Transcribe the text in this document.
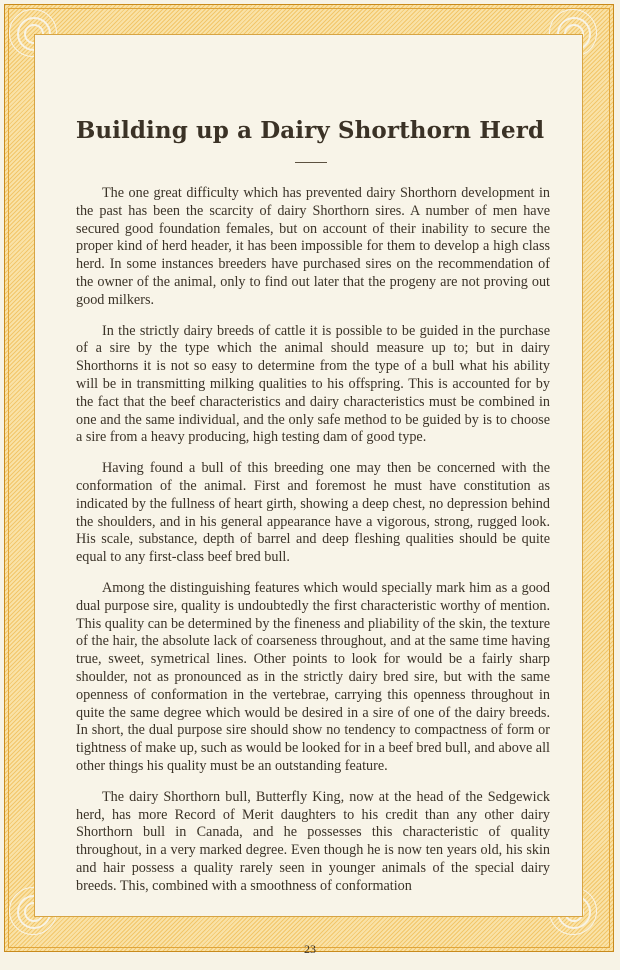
Building up a Dairy Shorthorn Herd

The one great difficulty which has prevented dairy Shorthorn development in the past has been the scarcity of dairy Shorthorn sires. A number of men have secured good foundation females, but on account of their inability to secure the proper kind of herd header, it has been impossible for them to develop a high class herd. In some instances breeders have purchased sires on the recommendation of the owner of the animal, only to find out later that the progeny are not proving out good milkers.

In the strictly dairy breeds of cattle it is possible to be guided in the purchase of a sire by the type which the animal should measure up to; but in dairy Shorthorns it is not so easy to determine from the type of a bull what his ability will be in transmitting milking qualities to his offspring. This is accounted for by the fact that the beef characteristics and dairy characteristics must be combined in one and the same individual, and the only safe method to be guided by is to choose a sire from a heavy producing, high testing dam of good type.

Having found a bull of this breeding one may then be concerned with the conformation of the animal. First and foremost he must have constitution as indicated by the fullness of heart girth, showing a deep chest, no depression behind the shoulders, and in his general appearance have a vigorous, strong, rugged look. His scale, substance, depth of barrel and deep fleshing qualities should be quite equal to any first-class beef bred bull.

Among the distinguishing features which would specially mark him as a good dual purpose sire, quality is undoubtedly the first characteristic worthy of mention. This quality can be determined by the fineness and pliability of the skin, the texture of the hair, the absolute lack of coarseness throughout, and at the same time having true, sweet, symetrical lines. Other points to look for would be a fairly sharp shoulder, not as pronounced as in the strictly dairy bred sire, but with the same openness of conformation in the vertebrae, carrying this openness throughout in quite the same degree which would be desired in a sire of one of the dairy breeds. In short, the dual purpose sire should show no tendency to compactness of form or tightness of make up, such as would be looked for in a beef bred bull, and above all other things his quality must be an outstanding feature.

The dairy Shorthorn bull, Butterfly King, now at the head of the Sedgewick herd, has more Record of Merit daughters to his credit than any other dairy Shorthorn bull in Canada, and he possesses this characteristic of quality throughout, in a very marked degree. Even though he is now ten years old, his skin and hair possess a quality rarely seen in younger animals of the special dairy breeds. This, combined with a smoothness of conformation

23
